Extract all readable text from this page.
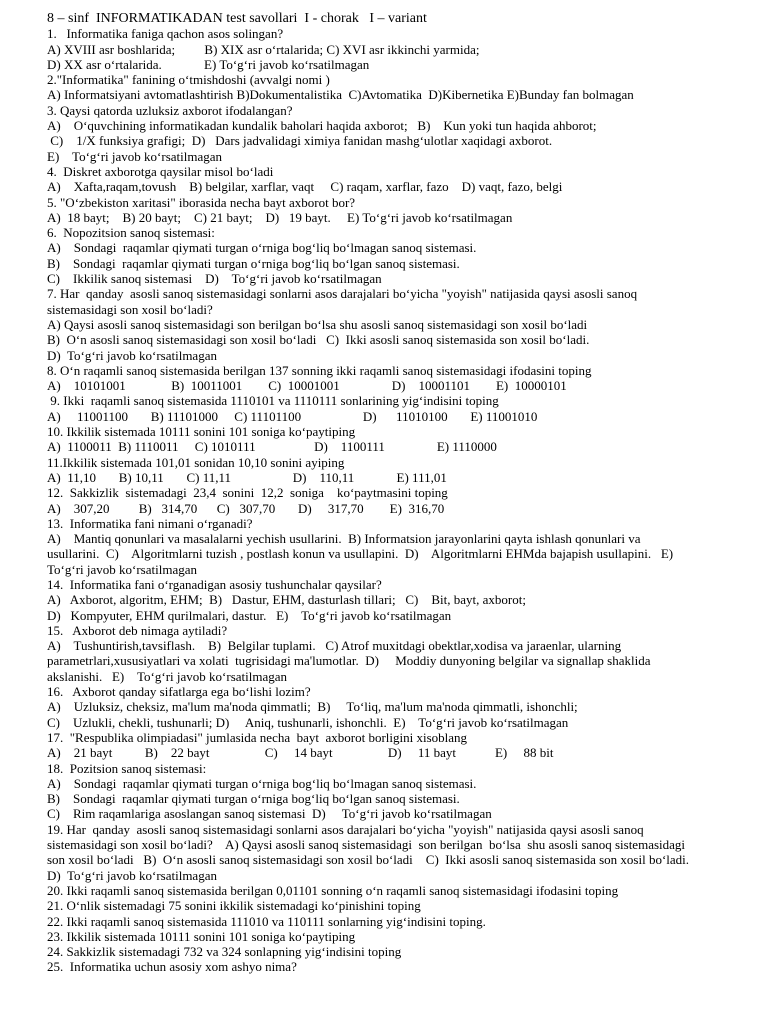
8 – sinf  INFORMATIKADAN test savollari  I - chorak   I – variant
1.   Informatika faniga qachon asos solingan?
A) XVIII asr boshlarida;         B) XIX asr o‘rtalarida; C) XVI asr ikkinchi yarmida;
D) XX asr o‘rtalarida.             E) To‘g‘ri javob ko‘rsatilmagan
2."Informatika" fanining o‘tmishdoshi (avvalgi nomi )
A) Informatsiyani avtomatlashtirish B)Dokumentalistika  C)Avtomatika  D)Kibernetika E)Bunday fan bolmagan
3. Qaysi qatorda uzluksiz axborot ifodalangan?
A)    O‘quvchining informatikadan kundalik baholari haqida axborot;   B)    Kun yoki tun haqida ahborot;
C)    1/X funksiya grafigi;  D)   Dars jadvalidagi ximiya fanidan mashg‘ulotlar xaqidagi axborot.
E)    To‘g‘ri javob ko‘rsatilmagan
4.  Diskret axborotga qaysilar misol bo‘ladi
A)    Xafta,raqam,tovush    B) belgilar, xarflar, vaqt     C) raqam, xarflar, fazo    D) vaqt, fazo, belgi
5. "O‘zbekiston xaritasi" iborasida necha bayt axborot bor?
A)  18 bayt;    B) 20 bayt;    C) 21 bayt;    D)   19 bayt.     E) To‘g‘ri javob ko‘rsatilmagan
6.  Nopozitsion sanoq sistemasi:
A)    Sondagi  raqamlar qiymati turgan o‘rniga bog‘liq bo‘lmagan sanoq sistemasi.
B)    Sondagi  raqamlar qiymati turgan o‘rniga bog‘liq bo‘lgan sanoq sistemasi.
C)    Ikkilik sanoq sistemasi    D)    To‘g‘ri javob ko‘rsatilmagan
7. Har  qanday  asosli sanoq sistemasidagi sonlarni asos darajalari bo‘yicha "yoyish" natijasida qaysi asosli sanoq
sistemasidagi son xosil bo‘ladi?
A) Qaysi asosli sanoq sistemasidagi son berilgan bo‘lsa shu asosli sanoq sistemasidagi son xosil bo‘ladi
B)  O‘n asosli sanoq sistemasidagi son xosil bo‘ladi   C)  Ikki asosli sanoq sistemasida son xosil bo‘ladi.
D)  To‘g‘ri javob ko‘rsatilmagan
8. O‘n raqamli sanoq sistemasida berilgan 137 sonning ikki raqamli sanoq sistemasidagi ifodasini toping
A)    10101001              B)  10011001        C)  10001001                D)    10001101        E)  10000101
9. Ikki  raqamli sanoq sistemasida 1110101 va 1110111 sonlarining yig‘indisini toping
A)     11001100       B) 11101000     C) 11101100                   D)      11010100       E) 11001010
10. Ikkilik sistemada 10111 sonini 101 soniga ko‘paytiping
A)  1100011  B) 1110011     C) 1010111                  D)    1100111                E) 1110000
11.Ikkilik sistemada 101,01 sonidan 10,10 sonini ayiping
A)  11,10       B) 10,11       C) 11,11                   D)    110,11             E) 111,01
12.  Sakkizlik  sistemadagi  23,4  sonini  12,2  soniga    ko‘paytmasini toping
A)    307,20         B)   314,70      C)   307,70       D)     317,70        E)  316,70
13.  Informatika fani nimani o‘rganadi?
A)    Mantiq qonunlari va masalalarni yechish usullarini.  B) Informatsion jarayonlarini qayta ishlash qonunlari va
usullarini.  C)    Algoritmlarni tuzish , postlash konun va usullapini.  D)    Algoritmlarni EHMda bajapish usullapini.   E)
To‘g‘ri javob ko‘rsatilmagan
14.  Informatika fani o‘rganadigan asosiy tushunchalar qaysilar?
A)   Axborot, algoritm, EHM;  B)   Dastur, EHM, dasturlash tillari;   C)    Bit, bayt, axborot;
D)   Kompyuter, EHM qurilmalari, dastur.   E)    To‘g‘ri javob ko‘rsatilmagan
15.   Axborot deb nimaga aytiladi?
A)    Tushuntirish,tavsiflash.    B)  Belgilar tuplami.   C) Atrof muxitdagi obektlar,xodisa va jaraenlar, ularning
parametrlari,xususiyatlari va xolati  tugrisidagi ma'lumotlar.  D)     Moddiy dunyoning belgilar va signallap shaklida
akslanishi.   E)    To‘g‘ri javob ko‘rsatilmagan
16.   Axborot qanday sifatlarga ega bo‘lishi lozim?
A)    Uzluksiz, cheksiz, ma'lum ma'noda qimmatli;  B)     To‘liq, ma'lum ma'noda qimmatli, ishonchli;
C)    Uzlukli, chekli, tushunarli; D)     Aniq, tushunarli, ishonchli.  E)    To‘g‘ri javob ko‘rsatilmagan
17.  "Respublika olimpiadasi" jumlasida necha  bayt  axborot borligini xisoblang
A)    21 bayt          B)    22 bayt                 C)     14 bayt                 D)     11 bayt            E)     88 bit
18.  Pozitsion sanoq sistemasi:
A)    Sondagi  raqamlar qiymati turgan o‘rniga bog‘liq bo‘lmagan sanoq sistemasi.
B)    Sondagi  raqamlar qiymati turgan o‘rniga bog‘liq bo‘lgan sanoq sistemasi.
C)    Rim raqamlariga asoslangan sanoq sistemasi  D)     To‘g‘ri javob ko‘rsatilmagan
19. Har  qanday  asosli sanoq sistemasidagi sonlarni asos darajalari bo‘yicha "yoyish" natijasida qaysi asosli sanoq
sistemasidagi son xosil bo‘ladi?    A) Qaysi asosli sanoq sistemasidagi  son berilgan  bo‘lsa  shu asosli sanoq sistemasidagi
son xosil bo‘ladi   B)  O‘n asosli sanoq sistemasidagi son xosil bo‘ladi    C)  Ikki asosli sanoq sistemasida son xosil bo‘ladi.
D)  To‘g‘ri javob ko‘rsatilmagan
20. Ikki raqamli sanoq sistemasida berilgan 0,01101 sonning o‘n raqamli sanoq sistemasidagi ifodasini toping
21. O‘nlik sistemadagi 75 sonini ikkilik sistemadagi ko‘pinishini toping
22. Ikki raqamli sanoq sistemasida 111010 va 110111 sonlarning yig‘indisini toping.
23. Ikkilik sistemada 10111 sonini 101 soniga ko‘paytiping
24. Sakkizlik sistemadagi 732 va 324 sonlapning yig‘indisini toping
25.  Informatika uchun asosiy xom ashyo nima?
